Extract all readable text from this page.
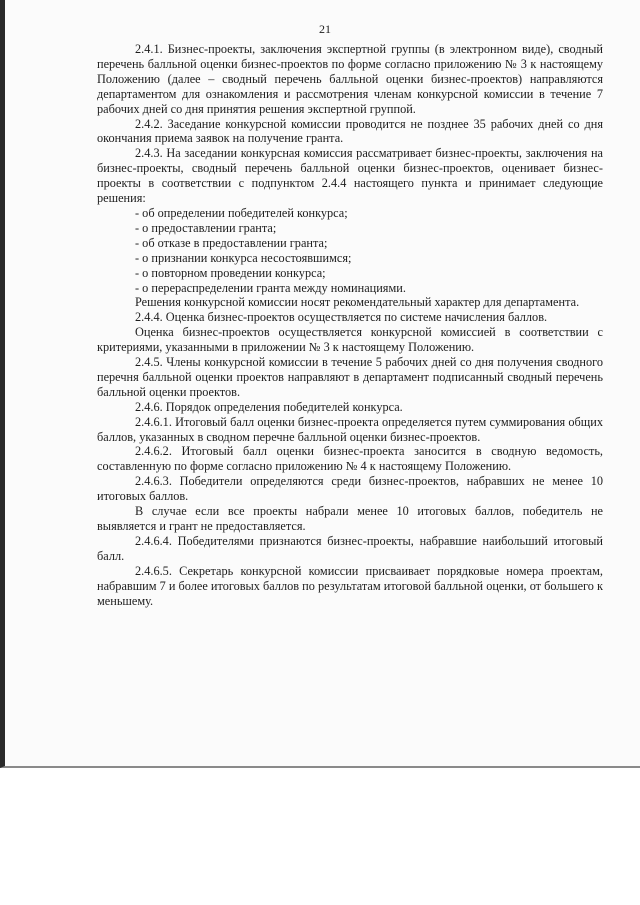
21

2.4.1. Бизнес-проекты, заключения экспертной группы (в электронном виде), сводный перечень балльной оценки бизнес-проектов по форме согласно приложению № 3 к настоящему Положению (далее – сводный перечень балльной оценки бизнес-проектов) направляются департаментом для ознакомления и рассмотрения членам конкурсной комиссии в течение 7 рабочих дней со дня принятия решения экспертной группой.

2.4.2. Заседание конкурсной комиссии проводится не позднее 35 рабочих дней со дня окончания приема заявок на получение гранта.

2.4.3. На заседании конкурсная комиссия рассматривает бизнес-проекты, заключения на бизнес-проекты, сводный перечень балльной оценки бизнес-проектов, оценивает бизнес-проекты в соответствии с подпунктом 2.4.4 настоящего пункта и принимает следующие решения:

- об определении победителей конкурса;

- о предоставлении гранта;

- об отказе в предоставлении гранта;

- о признании конкурса несостоявшимся;

- о повторном проведении конкурса;

- о перераспределении гранта между номинациями.

Решения конкурсной комиссии носят рекомендательный характер для департамента.

2.4.4. Оценка бизнес-проектов осуществляется по системе начисления баллов.

Оценка бизнес-проектов осуществляется конкурсной комиссией в соответствии с критериями, указанными в приложении № 3 к настоящему Положению.

2.4.5. Члены конкурсной комиссии в течение 5 рабочих дней со дня получения сводного перечня балльной оценки проектов направляют в департамент подписанный сводный перечень балльной оценки проектов.

2.4.6. Порядок определения победителей конкурса.

2.4.6.1. Итоговый балл оценки бизнес-проекта определяется путем суммирования общих баллов, указанных в сводном перечне балльной оценки бизнес-проектов.

2.4.6.2. Итоговый балл оценки бизнес-проекта заносится в сводную ведомость, составленную по форме согласно приложению № 4 к настоящему Положению.

2.4.6.3. Победители определяются среди бизнес-проектов, набравших не менее 10 итоговых баллов.

В случае если все проекты набрали менее 10 итоговых баллов, победитель не выявляется и грант не предоставляется.

2.4.6.4. Победителями признаются бизнес-проекты, набравшие наибольший итоговый балл.

2.4.6.5. Секретарь конкурсной комиссии присваивает порядковые номера проектам, набравшим 7 и более итоговых баллов по результатам итоговой балльной оценки, от большего к меньшему.
